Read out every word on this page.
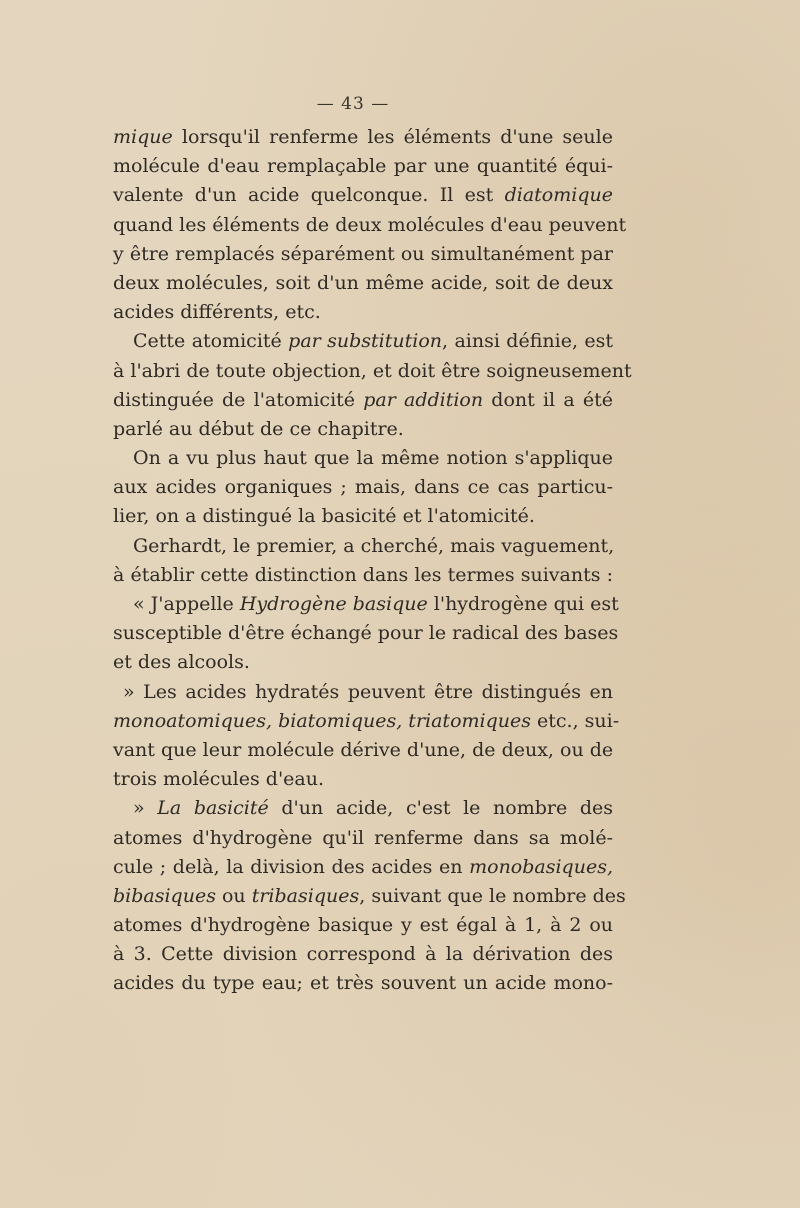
— 43 —
mique lorsqu'il renferme les éléments d'une seule
molécule d'eau remplaçable par une quantité équi-
valente d'un acide quelconque. Il est diatomique
quand les éléments de deux molécules d'eau peuvent
y être remplacés séparément ou simultanément par
deux molécules, soit d'un même acide, soit de deux
acides différents, etc.
Cette atomicité par substitution, ainsi définie, est
à l'abri de toute objection, et doit être soigneusement
distinguée de l'atomicité par addition dont il a été
parlé au début de ce chapitre.
On a vu plus haut que la même notion s'applique
aux acides organiques ; mais, dans ce cas particu-
lier, on a distingué la basicité et l'atomicité.
Gerhardt, le premier, a cherché, mais vaguement,
à établir cette distinction dans les termes suivants :
« J'appelle Hydrogène basique l'hydrogène qui est
susceptible d'être échangé pour le radical des bases
et des alcools.
» Les acides hydratés peuvent être distingués en
monoatomiques, biatomiques, triatomiques etc., sui-
vant que leur molécule dérive d'une, de deux, ou de
trois molécules d'eau.
» La basicité d'un acide, c'est le nombre des
atomes d'hydrogène qu'il renferme dans sa molé-
cule ; delà, la division des acides en monobasiques,
bibasiques ou tribasiques, suivant que le nombre des
atomes d'hydrogène basique y est égal à 1, à 2 ou
à 3. Cette division correspond à la dérivation des
acides du type eau; et très souvent un acide mono-
